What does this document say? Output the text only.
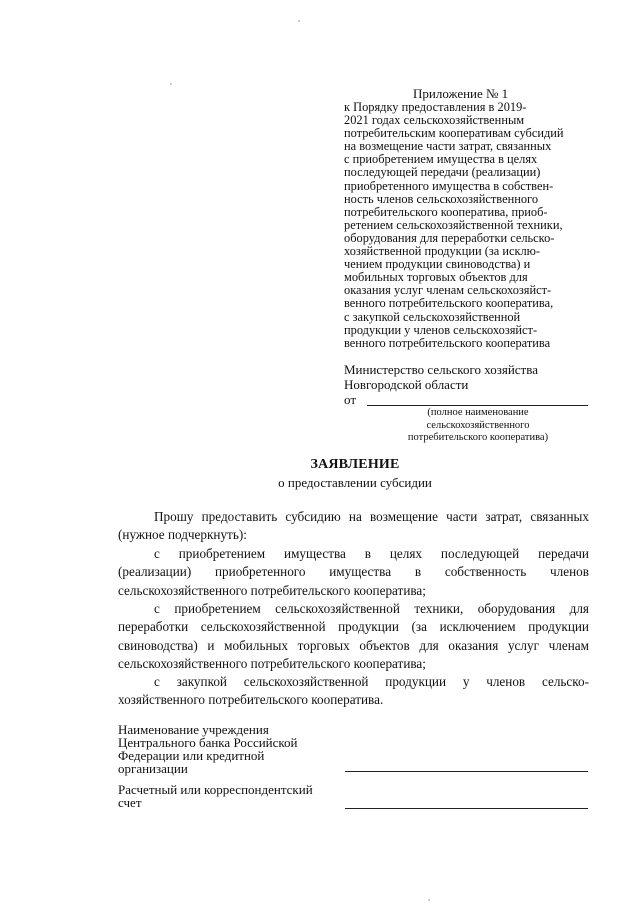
Приложение № 1
к Порядку предоставления в 2019-
2021 годах сельскохозяйственным
потребительским кооперативам субсидий
на возмещение части затрат, связанных
с приобретением имущества в целях
последующей передачи (реализации)
приобретенного имущества в собствен-
ность членов сельскохозяйственного
потребительского кооператива, приоб-
ретением сельскохозяйственной техники,
оборудования для переработки сельско-
хозяйственной продукции (за исклю-
чением продукции свиноводства) и
мобильных торговых объектов для
оказания услуг членам сельскохозяйст-
венного потребительского кооператива,
с закупкой сельскохозяйственной
продукции у членов сельскохозяйст-
венного потребительского кооператива
Министерство сельского хозяйства
Новгородской области
от
(полное наименование
сельскохозяйственного
потребительского кооператива)
ЗАЯВЛЕНИЕ
о предоставлении субсидии
Прошу предоставить субсидию на возмещение части затрат, связанных
(нужное подчеркнуть):
с приобретением имущества в целях последующей передачи
(реализации) приобретенного имущества в собственность членов
сельскохозяйственного потребительского кооператива;
с приобретением сельскохозяйственной техники, оборудования для
переработки сельскохозяйственной продукции (за исключением продукции
свиноводства) и мобильных торговых объектов для оказания услуг членам
сельскохозяйственного потребительского кооператива;
с закупкой сельскохозяйственной продукции у членов сельско-
хозяйственного потребительского кооператива.
Наименование учреждения
Центрального банка Российской
Федерации или кредитной
организации
Расчетный или корреспондентский
счет
